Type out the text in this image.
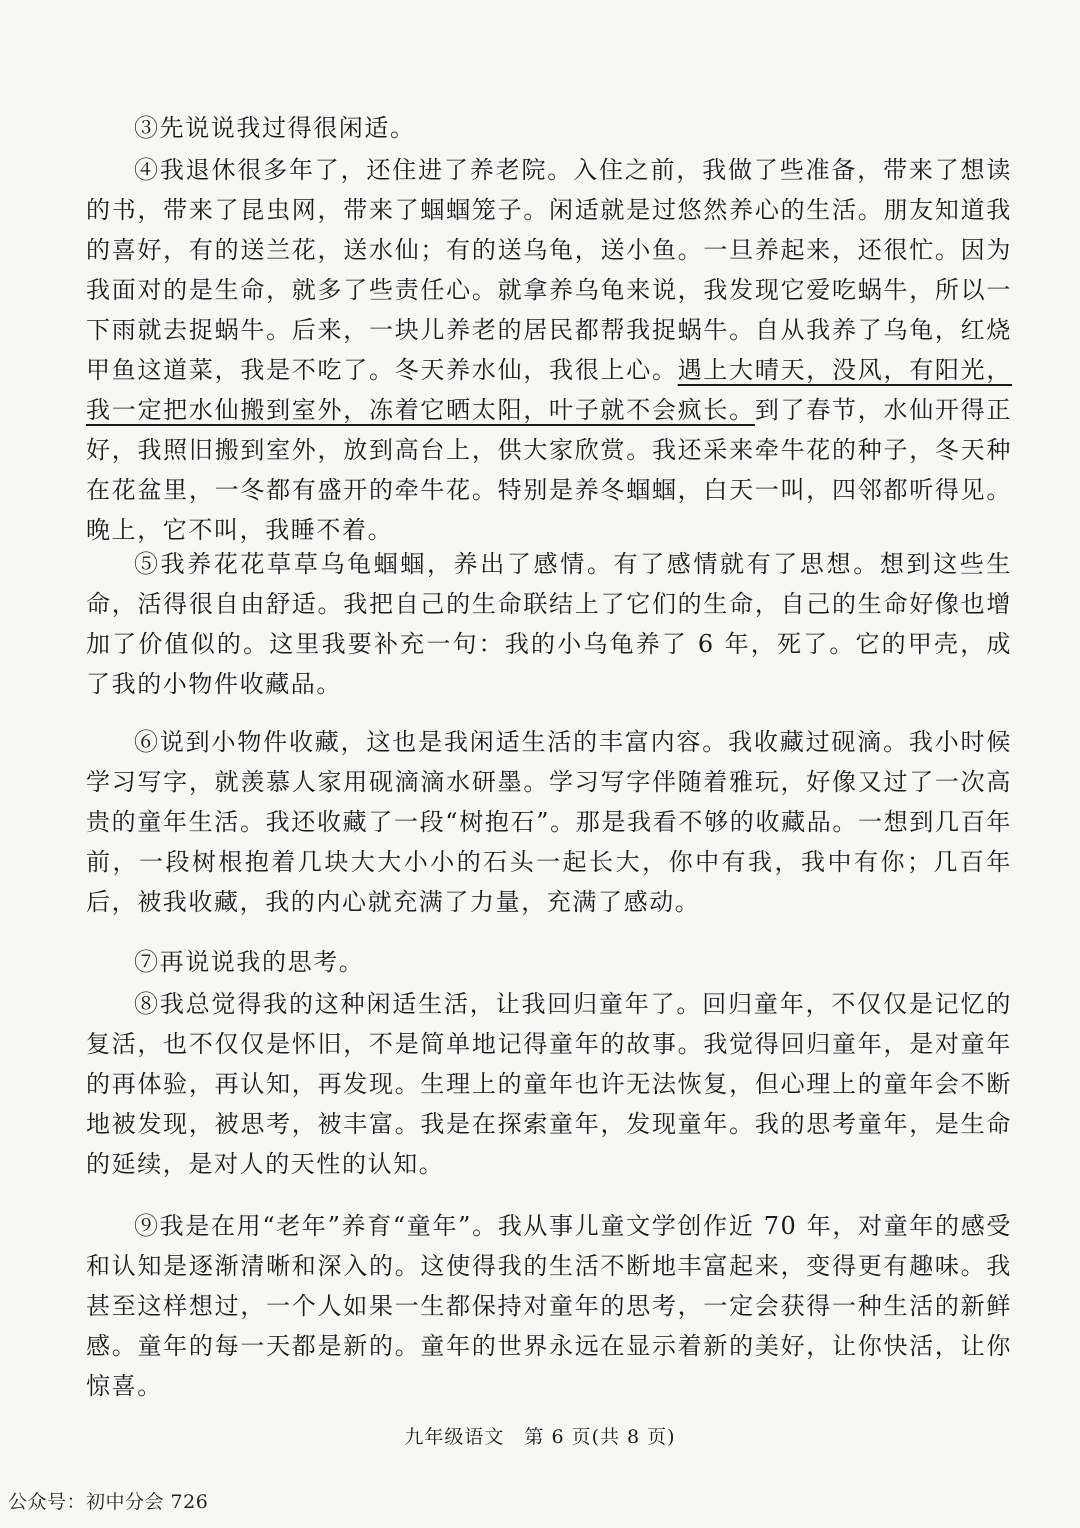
③先说说我过得很闲适。

④我退休很多年了，还住进了养老院。入住之前，我做了些准备，带来了想读的书，带来了昆虫网，带来了蝈蝈笼子。闲适就是过悠然养心的生活。朋友知道我的喜好，有的送兰花，送水仙；有的送乌龟，送小鱼。一旦养起来，还很忙。因为我面对的是生命，就多了些责任心。就拿养乌龟来说，我发现它爱吃蜗牛，所以一下雨就去捉蜗牛。后来，一块儿养老的居民都帮我捉蜗牛。自从我养了乌龟，红烧甲鱼这道菜，我是不吃了。冬天养水仙，我很上心。遇上大晴天，没风，有阳光，我一定把水仙搬到室外，冻着它晒太阳，叶子就不会疯长。到了春节，水仙开得正好，我照旧搬到室外，放到高台上，供大家欣赏。我还采来牵牛花的种子，冬天种在花盆里，一冬都有盛开的牵牛花。特别是养冬蝈蝈，白天一叫，四邻都听得见。晚上，它不叫，我睡不着。

⑤我养花花草草乌龟蝈蝈，养出了感情。有了感情就有了思想。想到这些生命，活得很自由舒适。我把自己的生命联结上了它们的生命，自己的生命好像也增加了价值似的。这里我要补充一句：我的小乌龟养了 6 年，死了。它的甲壳，成了我的小物件收藏品。

⑥说到小物件收藏，这也是我闲适生活的丰富内容。我收藏过砚滴。我小时候学习写字，就羡慕人家用砚滴滴水研墨。学习写字伴随着雅玩，好像又过了一次高贵的童年生活。我还收藏了一段“树抱石”。那是我看不够的收藏品。一想到几百年前，一段树根抱着几块大大小小的石头一起长大，你中有我，我中有你；几百年后，被我收藏，我的内心就充满了力量，充满了感动。

⑦再说说我的思考。

⑧我总觉得我的这种闲适生活，让我回归童年了。回归童年，不仅仅是记忆的复活，也不仅仅是怀旧，不是简单地记得童年的故事。我觉得回归童年，是对童年的再体验，再认知，再发现。生理上的童年也许无法恢复，但心理上的童年会不断地被发现，被思考，被丰富。我是在探索童年，发现童年。我的思考童年，是生命的延续，是对人的天性的认知。

⑨我是在用“老年”养育“童年”。我从事儿童文学创作近 70 年，对童年的感受和认知是逐渐清晰和深入的。这使得我的生活不断地丰富起来，变得更有趣味。我甚至这样想过，一个人如果一生都保持对童年的思考，一定会获得一种生活的新鲜感。童年的每一天都是新的。童年的世界永远在显示着新的美好，让你快活，让你惊喜。

九年级语文　第 6 页(共 8 页)
公众号：初中分会 726
